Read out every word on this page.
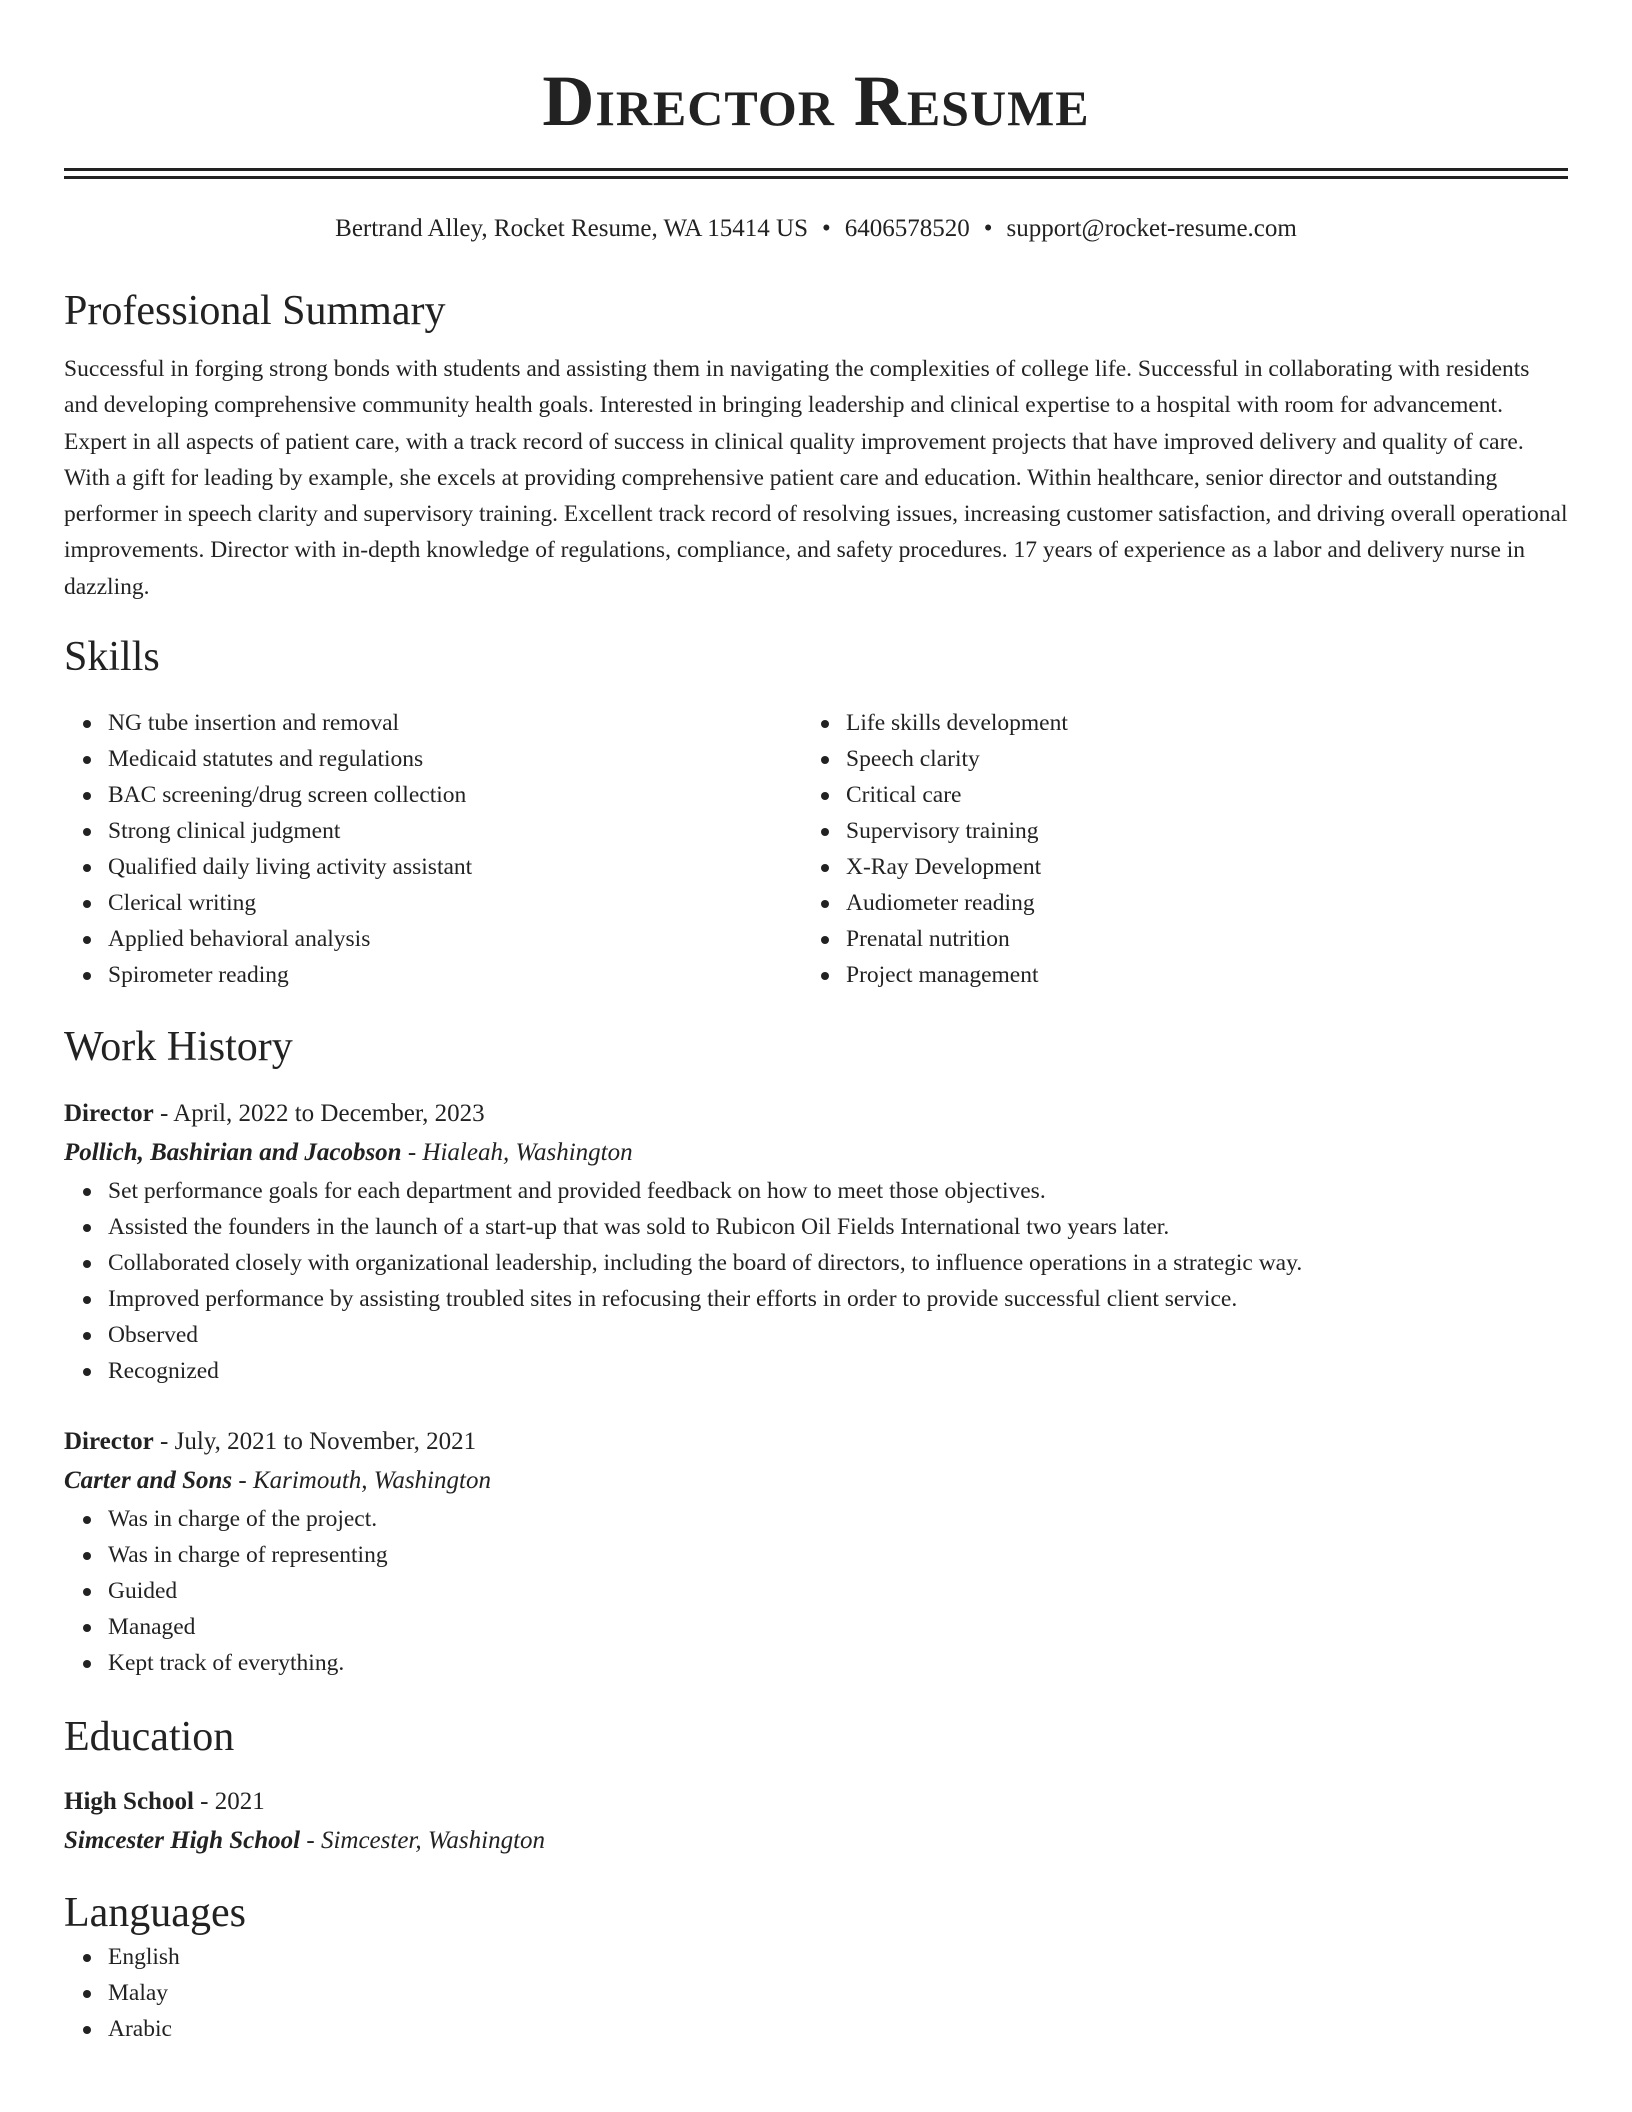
Director Resume
Bertrand Alley, Rocket Resume, WA 15414 US • 6406578520 • support@rocket-resume.com
Professional Summary

Successful in forging strong bonds with students and assisting them in navigating the complexities of college life. Successful in collaborating with residents and developing comprehensive community health goals. Interested in bringing leadership and clinical expertise to a hospital with room for advancement. Expert in all aspects of patient care, with a track record of success in clinical quality improvement projects that have improved delivery and quality of care. With a gift for leading by example, she excels at providing comprehensive patient care and education. Within healthcare, senior director and outstanding performer in speech clarity and supervisory training. Excellent track record of resolving issues, increasing customer satisfaction, and driving overall operational improvements. Director with in-depth knowledge of regulations, compliance, and safety procedures. 17 years of experience as a labor and delivery nurse in dazzling.

Skills
NG tube insertion and removal
Medicaid statutes and regulations
BAC screening/drug screen collection
Strong clinical judgment
Qualified daily living activity assistant
Clerical writing
Applied behavioral analysis
Spirometer reading
Life skills development
Speech clarity
Critical care
Supervisory training
X-Ray Development
Audiometer reading
Prenatal nutrition
Project management
Work History
Director - April, 2022 to December, 2023
Pollich, Bashirian and Jacobson - Hialeah, Washington
Set performance goals for each department and provided feedback on how to meet those objectives.
Assisted the founders in the launch of a start-up that was sold to Rubicon Oil Fields International two years later.
Collaborated closely with organizational leadership, including the board of directors, to influence operations in a strategic way.
Improved performance by assisting troubled sites in refocusing their efforts in order to provide successful client service.
Observed
Recognized
Director - July, 2021 to November, 2021
Carter and Sons - Karimouth, Washington
Was in charge of the project.
Was in charge of representing
Guided
Managed
Kept track of everything.
Education
High School - 2021
Simcester High School - Simcester, Washington
Languages
English
Malay
Arabic
